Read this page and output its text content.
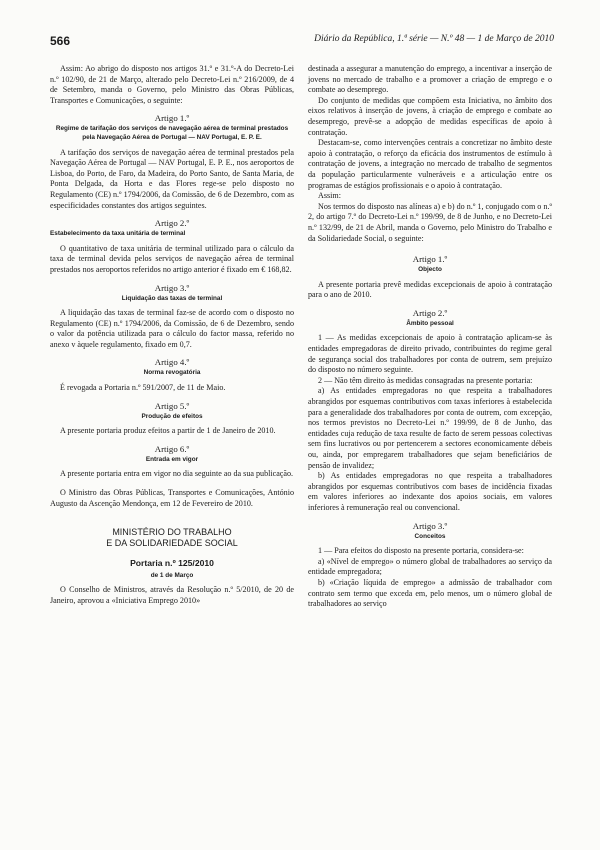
566	Diário da República, 1.ª série — N.º 48 — 1 de Março de 2010

Assim: Ao abrigo do disposto nos artigos 31.º e 31.º-A do Decreto-Lei n.º 102/90, de 21 de Março, alterado pelo Decreto-Lei n.º 216/2009, de 4 de Setembro, manda o Governo, pelo Ministro das Obras Públicas, Transportes e Comunicações, o seguinte:

Artigo 1.º
Regime de tarifação dos serviços de navegação aérea de terminal prestados pela Navegação Aérea de Portugal — NAV Portugal, E. P. E.

A tarifação dos serviços de navegação aérea de terminal prestados pela Navegação Aérea de Portugal — NAV Portugal, E. P. E., nos aeroportos de Lisboa, do Porto, de Faro, da Madeira, do Porto Santo, de Santa Maria, de Ponta Delgada, da Horta e das Flores rege-se pelo disposto no Regulamento (CE) n.º 1794/2006, da Comissão, de 6 de Dezembro, com as especificidades constantes dos artigos seguintes.

Artigo 2.º
Estabelecimento da taxa unitária de terminal

O quantitativo de taxa unitária de terminal utilizado para o cálculo da taxa de terminal devida pelos serviços de navegação aérea de terminal prestados nos aeroportos referidos no artigo anterior é fixado em € 168,82.

Artigo 3.º
Liquidação das taxas de terminal

A liquidação das taxas de terminal faz-se de acordo com o disposto no Regulamento (CE) n.º 1794/2006, da Comissão, de 6 de Dezembro, sendo o valor da potência utilizada para o cálculo do factor massa, referido no anexo v àquele regulamento, fixado em 0,7.

Artigo 4.º
Norma revogatória

É revogada a Portaria n.º 591/2007, de 11 de Maio.

Artigo 5.º
Produção de efeitos

A presente portaria produz efeitos a partir de 1 de Janeiro de 2010.

Artigo 6.º
Entrada em vigor

A presente portaria entra em vigor no dia seguinte ao da sua publicação.

O Ministro das Obras Públicas, Transportes e Comunicações, António Augusto da Ascenção Mendonça, em 12 de Fevereiro de 2010.

MINISTÉRIO DO TRABALHO
E DA SOLIDARIEDADE SOCIAL
Portaria n.º 125/2010
de 1 de Março

O Conselho de Ministros, através da Resolução n.º 5/2010, de 20 de Janeiro, aprovou a «Iniciativa Emprego 2010»

destinada a assegurar a manutenção do emprego, a incentivar a inserção de jovens no mercado de trabalho e a promover a criação de emprego e o combate ao desemprego.

Do conjunto de medidas que compõem esta Iniciativa, no âmbito dos eixos relativos à inserção de jovens, à criação de emprego e combate ao desemprego, prevê-se a adopção de medidas específicas de apoio à contratação.

Destacam-se, como intervenções centrais a concretizar no âmbito deste apoio à contratação, o reforço da eficácia dos instrumentos de estímulo à contratação de jovens, a integração no mercado de trabalho de segmentos da população particularmente vulneráveis e a articulação entre os programas de estágios profissionais e o apoio à contratação.

Assim:

Nos termos do disposto nas alíneas a) e b) do n.º 1, conjugado com o n.º 2, do artigo 7.º do Decreto-Lei n.º 199/99, de 8 de Junho, e no Decreto-Lei n.º 132/99, de 21 de Abril, manda o Governo, pelo Ministro do Trabalho e da Solidariedade Social, o seguinte:

Artigo 1.º
Objecto

A presente portaria prevê medidas excepcionais de apoio à contratação para o ano de 2010.

Artigo 2.º
Âmbito pessoal

1 — As medidas excepcionais de apoio à contratação aplicam-se às entidades empregadoras de direito privado, contribuintes do regime geral de segurança social dos trabalhadores por conta de outrem, sem prejuízo do disposto no número seguinte.

2 — Não têm direito às medidas consagradas na presente portaria:

a) As entidades empregadoras no que respeita a trabalhadores abrangidos por esquemas contributivos com taxas inferiores à estabelecida para a generalidade dos trabalhadores por conta de outrem, com excepção, nos termos previstos no Decreto-Lei n.º 199/99, de 8 de Junho, das entidades cuja redução de taxa resulte de facto de serem pessoas colectivas sem fins lucrativos ou por pertencerem a sectores economicamente débeis ou, ainda, por empregarem trabalhadores que sejam beneficiários de pensão de invalidez;

b) As entidades empregadoras no que respeita a trabalhadores abrangidos por esquemas contributivos com bases de incidência fixadas em valores inferiores ao indexante dos apoios sociais, em valores inferiores à remuneração real ou convencional.

Artigo 3.º
Conceitos

1 — Para efeitos do disposto na presente portaria, considera-se:

a) «Nível de emprego» o número global de trabalhadores ao serviço da entidade empregadora;

b) «Criação líquida de emprego» a admissão de trabalhador com contrato sem termo que exceda em, pelo menos, um o número global de trabalhadores ao serviço
